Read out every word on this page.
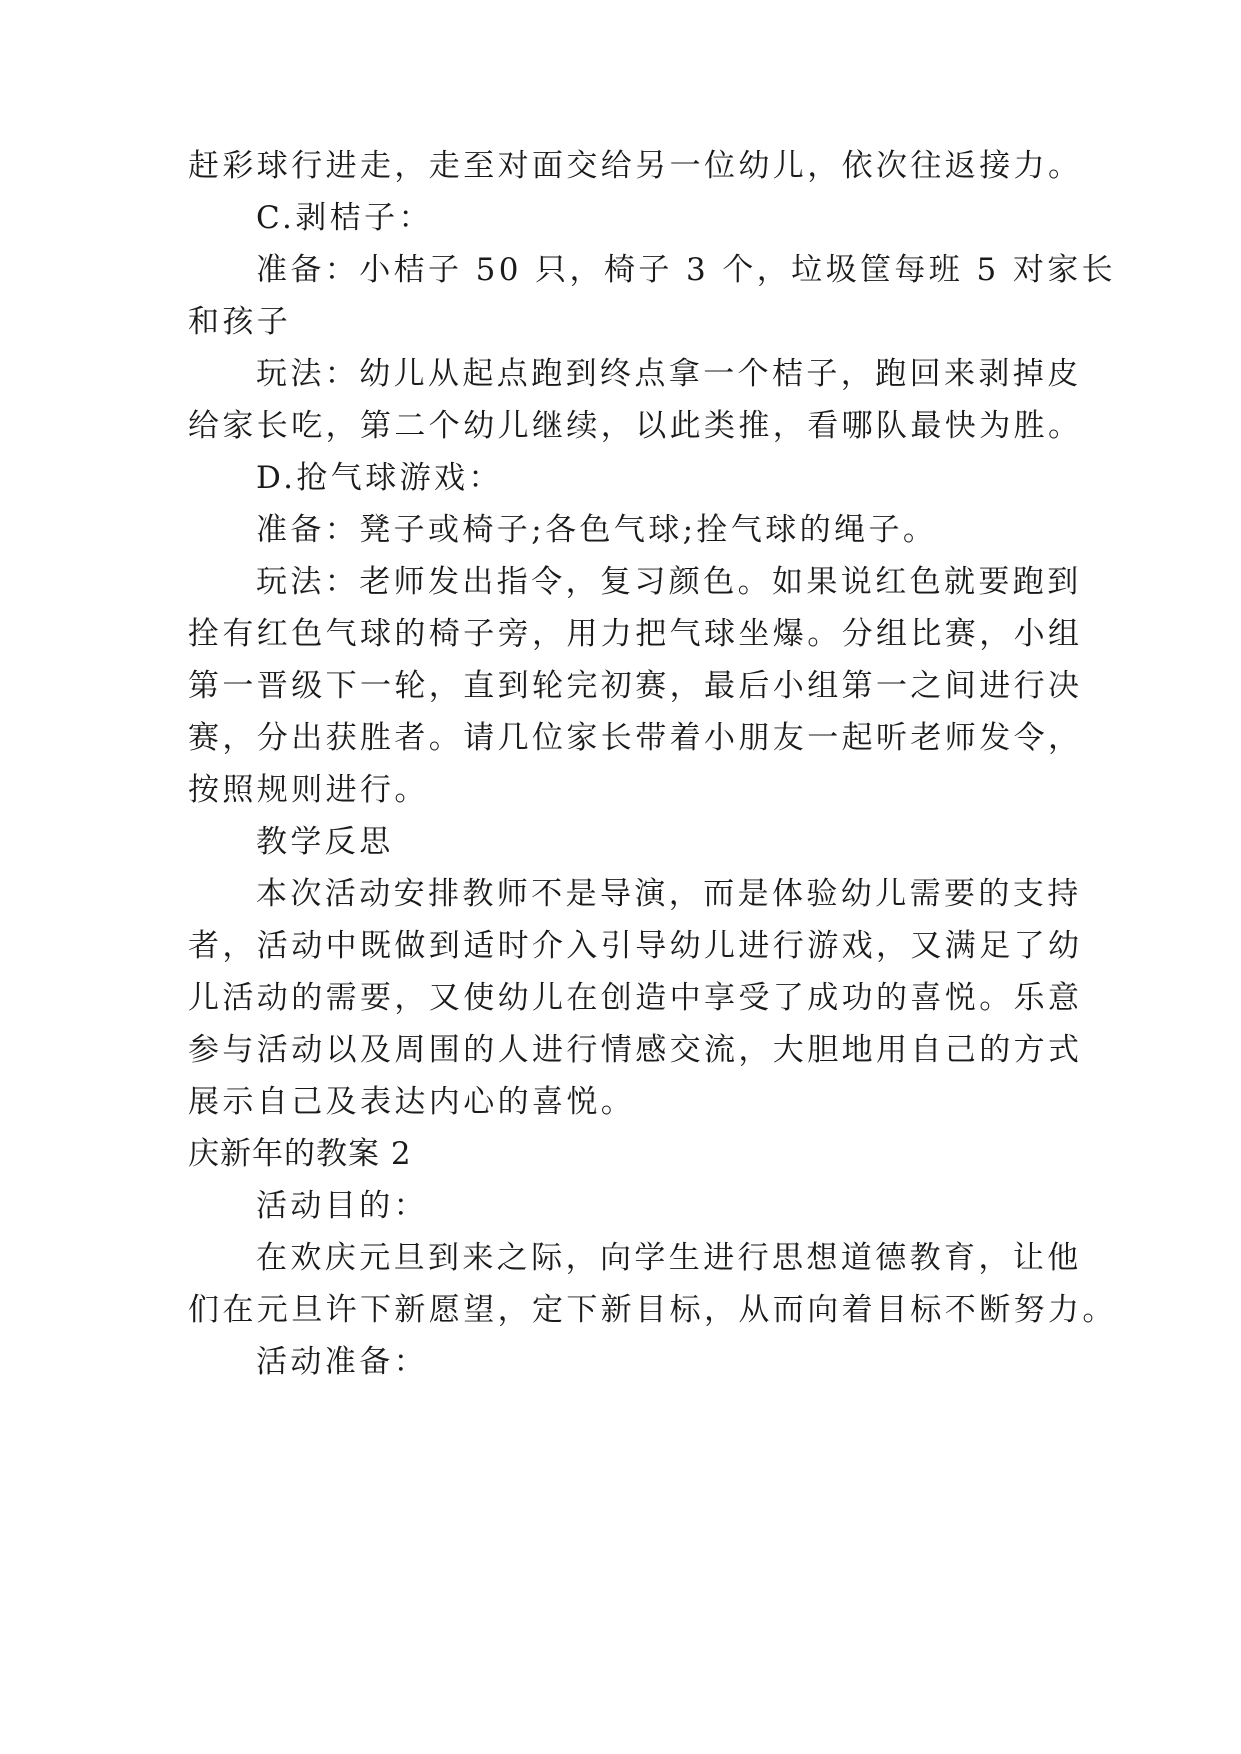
赶彩球行进走，走至对面交给另一位幼儿，依次往返接力。
C.剥桔子：
准备：小桔子 50 只，椅子 3 个，垃圾筐每班 5 对家长
和孩子
玩法：幼儿从起点跑到终点拿一个桔子，跑回来剥掉皮
给家长吃，第二个幼儿继续，以此类推，看哪队最快为胜。
D.抢气球游戏：
准备：凳子或椅子;各色气球;拴气球的绳子。
玩法：老师发出指令，复习颜色。如果说红色就要跑到
拴有红色气球的椅子旁，用力把气球坐爆。分组比赛，小组
第一晋级下一轮，直到轮完初赛，最后小组第一之间进行决
赛，分出获胜者。请几位家长带着小朋友一起听老师发令，
按照规则进行。
教学反思
本次活动安排教师不是导演，而是体验幼儿需要的支持
者，活动中既做到适时介入引导幼儿进行游戏，又满足了幼
儿活动的需要，又使幼儿在创造中享受了成功的喜悦。乐意
参与活动以及周围的人进行情感交流，大胆地用自己的方式
展示自己及表达内心的喜悦。
庆新年的教案 2
活动目的：
在欢庆元旦到来之际，向学生进行思想道德教育，让他
们在元旦许下新愿望，定下新目标，从而向着目标不断努力。
活动准备：
